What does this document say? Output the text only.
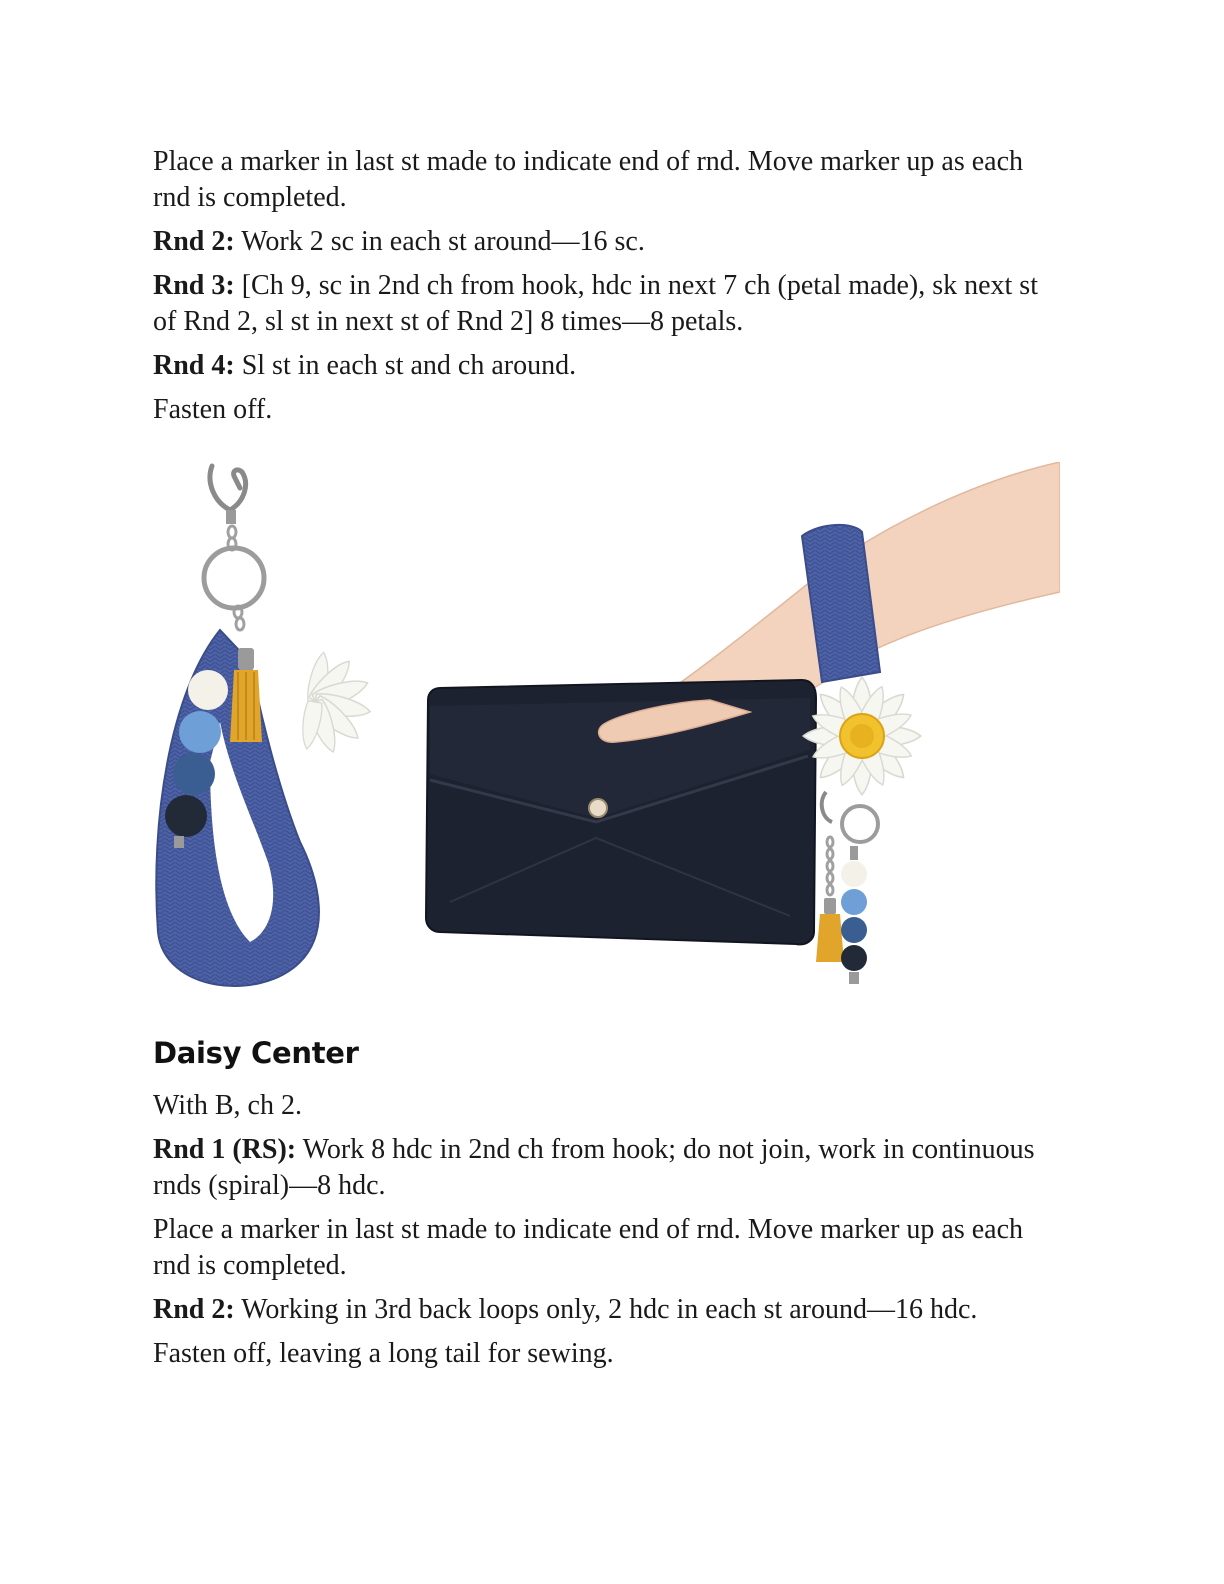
Place a marker in last st made to indicate end of rnd. Move marker up as each rnd is completed.

Rnd 2: Work 2 sc in each st around—16 sc.

Rnd 3: [Ch 9, sc in 2nd ch from hook, hdc in next 7 ch (petal made), sk next st of Rnd 2, sl st in next st of Rnd 2] 8 times—8 petals.

Rnd 4: Sl st in each st and ch around.

Fasten off.

Daisy Center

With B, ch 2.

Rnd 1 (RS): Work 8 hdc in 2nd ch from hook; do not join, work in continuous rnds (spiral)—8 hdc.

Place a marker in last st made to indicate end of rnd. Move marker up as each rnd is completed.

Rnd 2: Working in 3rd back loops only, 2 hdc in each st around—16 hdc.

Fasten off, leaving a long tail for sewing.
